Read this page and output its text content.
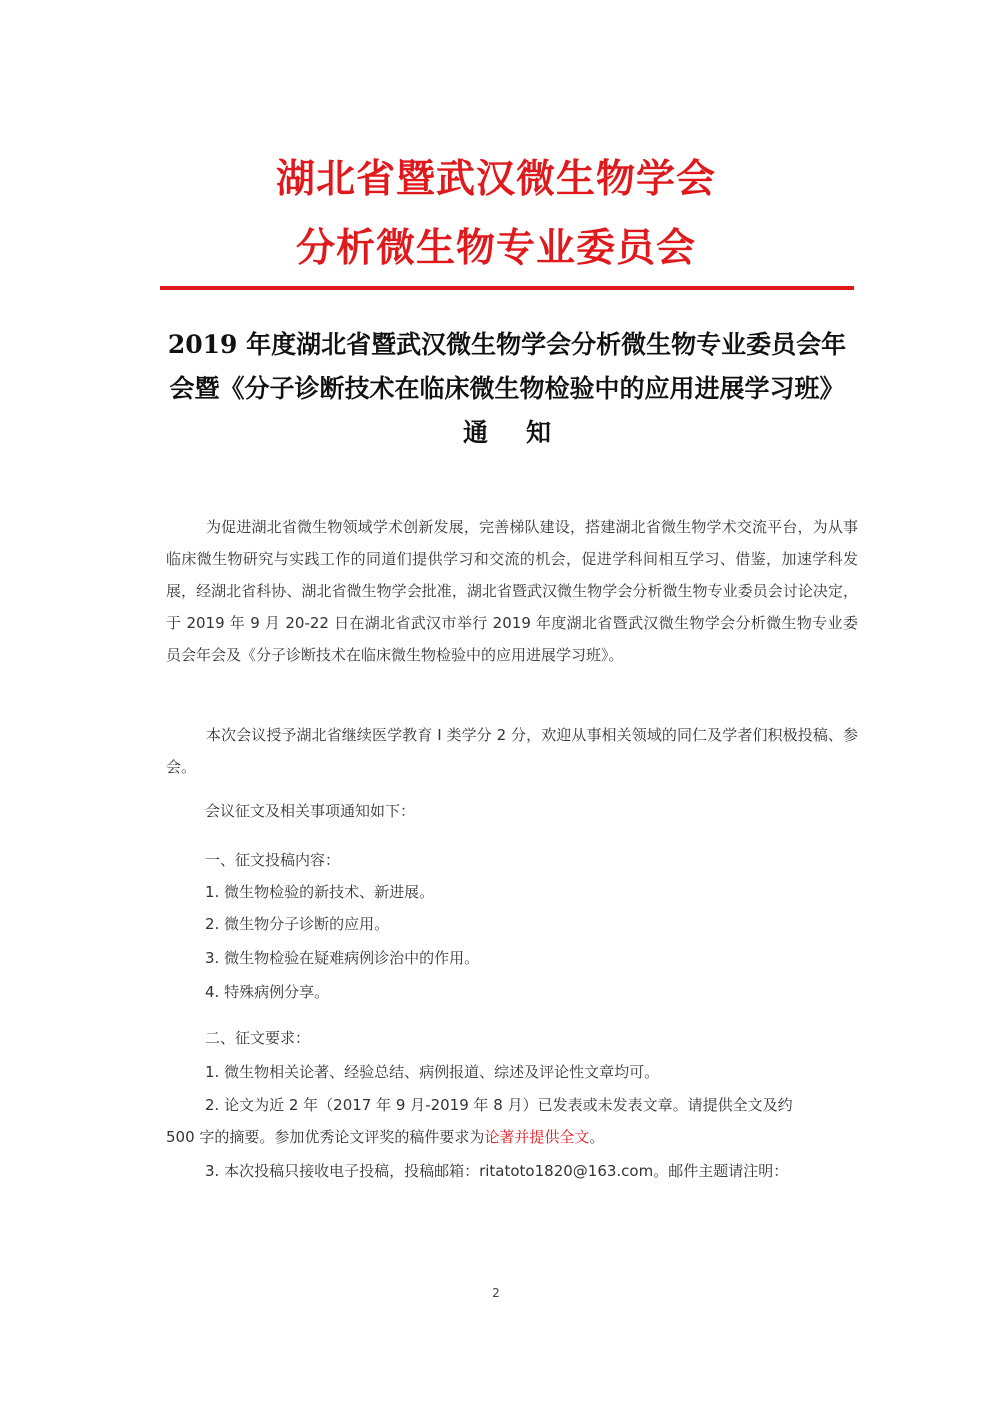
湖北省暨武汉微生物学会
分析微生物专业委员会
2019 年度湖北省暨武汉微生物学会分析微生物专业委员会年
会暨《分子诊断技术在临床微生物检验中的应用进展学习班》
通知

为促进湖北省微生物领域学术创新发展，完善梯队建设，搭建湖北省微生物学术交流平台，为从事临床微生物研究与实践工作的同道们提供学习和交流的机会，促进学科间相互学习、借鉴，加速学科发展，经湖北省科协、湖北省微生物学会批准，湖北省暨武汉微生物学会分析微生物专业委员会讨论决定，于 2019 年 9 月 20-22 日在湖北省武汉市举行 2019 年度湖北省暨武汉微生物学会分析微生物专业委员会年会及《分子诊断技术在临床微生物检验中的应用进展学习班》。

本次会议授予湖北省继续医学教育 I 类学分 2 分，欢迎从事相关领域的同仁及学者们积极投稿、参会。

会议征文及相关事项通知如下：

一、征文投稿内容：

1. 微生物检验的新技术、新进展。

2. 微生物分子诊断的应用。

3. 微生物检验在疑难病例诊治中的作用。

4. 特殊病例分享。

二、征文要求：

1. 微生物相关论著、经验总结、病例报道、综述及评论性文章均可。

2. 论文为近 2 年（2017 年 9 月-2019 年 8 月）已发表或未发表文章。请提供全文及约

500 字的摘要。参加优秀论文评奖的稿件要求为论著并提供全文。

3. 本次投稿只接收电子投稿，投稿邮箱：ritatoto1820@163.com。邮件主题请注明：

2
